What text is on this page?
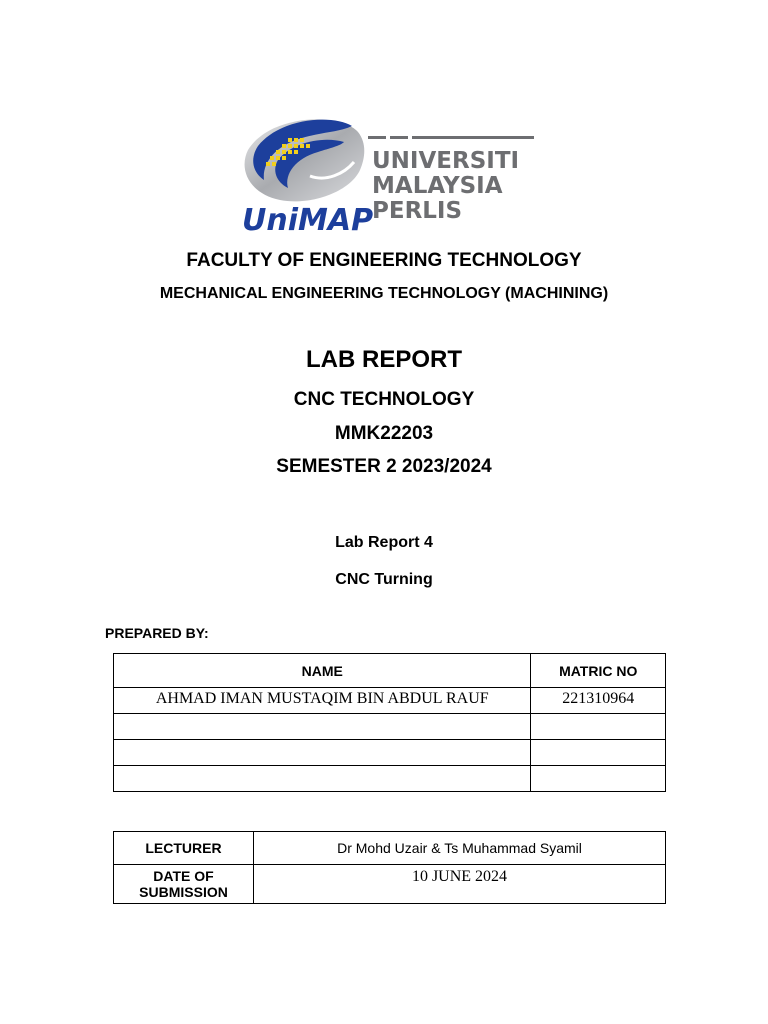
UNIVERSITI
MALAYSIA
PERLIS
UniMAP
FACULTY OF ENGINEERING TECHNOLOGY
MECHANICAL ENGINEERING TECHNOLOGY (MACHINING)
LAB REPORT
CNC TECHNOLOGY
MMK22203
SEMESTER 2 2023/2024
Lab Report 4
CNC Turning
PREPARED BY:
NAME	MATRIC NO
AHMAD IMAN MUSTAQIM BIN ABDUL RAUF	221310964

LECTURER	Dr Mohd Uzair & Ts Muhammad Syamil

DATE OF
SUBMISSION	10 JUNE 2024
